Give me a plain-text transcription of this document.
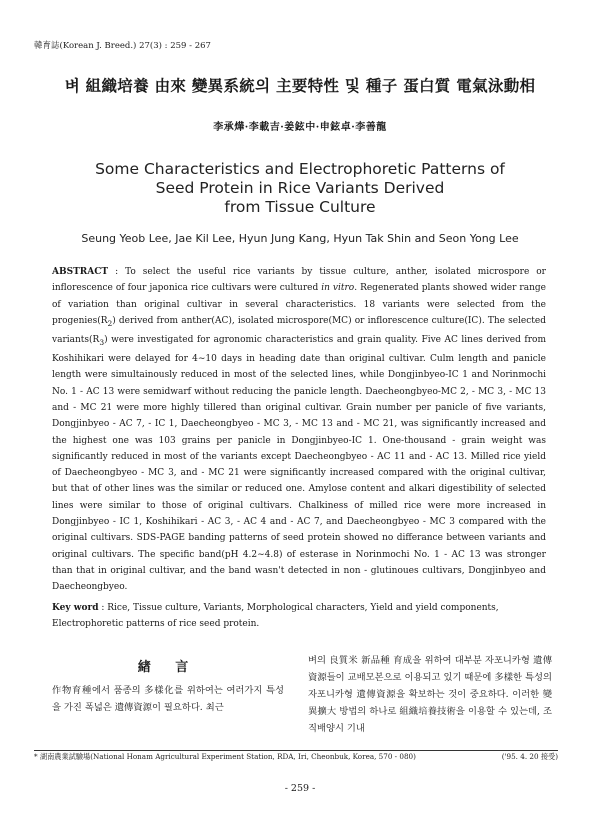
韓育誌(Korean J. Breed.) 27(3) : 259 - 267
벼 組織培養 由來 變異系統의 主要特性 및 種子 蛋白質 電氣泳動相
李承燁·李載吉·姜鉉中·申鉉卓·李善龍
Some Characteristics and Electrophoretic Patterns of
Seed Protein in Rice Variants Derived
from Tissue Culture
Seung Yeob Lee, Jae Kil Lee, Hyun Jung Kang, Hyun Tak Shin and Seon Yong Lee

ABSTRACT : To select the useful rice variants by tissue culture, anther, isolated microspore or inflorescence of four japonica rice cultivars were cultured in vitro. Regenerated plants showed wider range of variation than original cultivar in several characteristics. 18 variants were selected from the $progenies(R_2)$ derived from anther(AC), isolated microspore(MC) or inflorescence culture(IC). The selected $variants(R_3)$ were investigated for agronomic characteristics and grain quality. Five AC lines derived from Koshihikari were delayed for 4∼10 days in heading date than original cultivar. Culm length and panicle length were simultainously reduced in most of the selected lines, while Dongjinbyeo-IC 1 and Norinmochi No. 1 - AC 13 were semidwarf without reducing the panicle length. Daecheongbyeo-MC 2, - MC 3, - MC 13 and - MC 21 were more highly tillered than original cultivar. Grain number per panicle of five variants, Dongjinbyeo - AC 7, - IC 1, Daecheongbyeo - MC 3, - MC 13 and - MC 21, was significantly increased and the highest one was 103 grains per panicle in Dongjinbyeo-IC 1. One-thousand - grain weight was significantly reduced in most of the variants except Daecheongbyeo - AC 11 and - AC 13. Milled rice yield of Daecheongbyeo - MC 3, and - MC 21 were significantly increased compared with the original cultivar, but that of other lines was the similar or reduced one. Amylose content and alkari digestibility of selected lines were similar to those of original cultivars. Chalkiness of milled rice were more increased in Dongjinbyeo - IC 1, Koshihikari - AC 3, - AC 4 and - AC 7, and Daecheongbyeo - MC 3 compared with the original cultivars. SDS-PAGE banding patterns of seed protein showed no differance between variants and original cultivars. The specific band(pH 4.2∼4.8) of esterase in Norinmochi No. 1 - AC 13 was stronger than that in original cultivar, and the band wasn't detected in non - glutinoues cultivars, Dongjinbyeo and Daecheongbyeo.

Key word : Rice, Tissue culture, Variants, Morphological characters, Yield and yield components, Electrophoretic patterns of rice seed protein.

緖 言

作物育種에서 품종의 多樣化를 위하여는 여러가지 특성을 가진 폭넓은 遺傳資源이 필요하다. 최근

벼의 良質米 新品種 育成을 위하여 대부분 자포니카형 遺傳資源들이 교배모본으로 이용되고 있기 때문에 多樣한 특성의 자포니카형 遺傳資源을 확보하는 것이 중요하다. 이러한 變異擴大 방법의 하나로 組織培養技術을 이용할 수 있는데, 조직배양시 기내

* 湖南農業試驗場(National Honam Agricultural Experiment Station, RDA, Iri, Cheonbuk, Korea, 570 - 080)	('95. 4. 20 接受)
- 259 -
